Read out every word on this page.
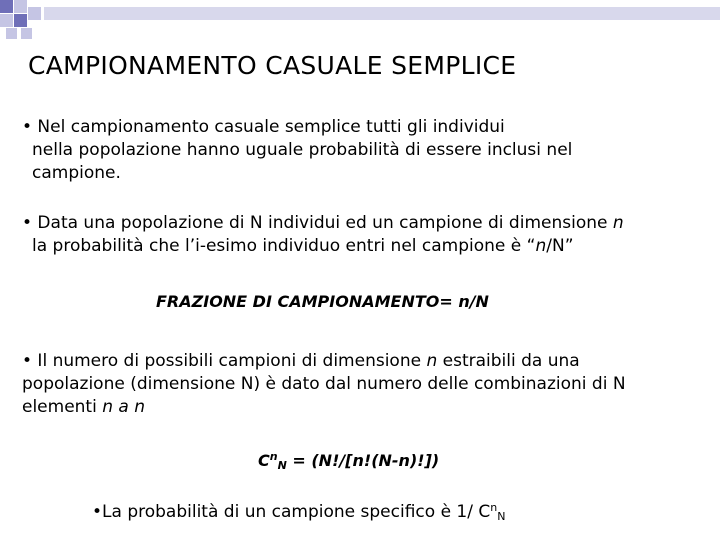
CAMPIONAMENTO CASUALE SEMPLICE
• Nel campionamento casuale semplice tutti gli individui
nella popolazione hanno uguale probabilità di essere inclusi nel
campione.
• Data una popolazione di N individui ed un campione di dimensione n
la probabilità che l’i-esimo individuo entri nel campione è “n/N”
FRAZIONE DI CAMPIONAMENTO= n/N
• Il numero di possibili campioni di dimensione n estraibili da una
popolazione (dimensione N) è dato dal numero delle combinazioni di N
elementi n a n
$C^n_N = (N!/[n!(N-n)!])$
•La probabilità di un campione specifico è 1/ $C^n_N$
